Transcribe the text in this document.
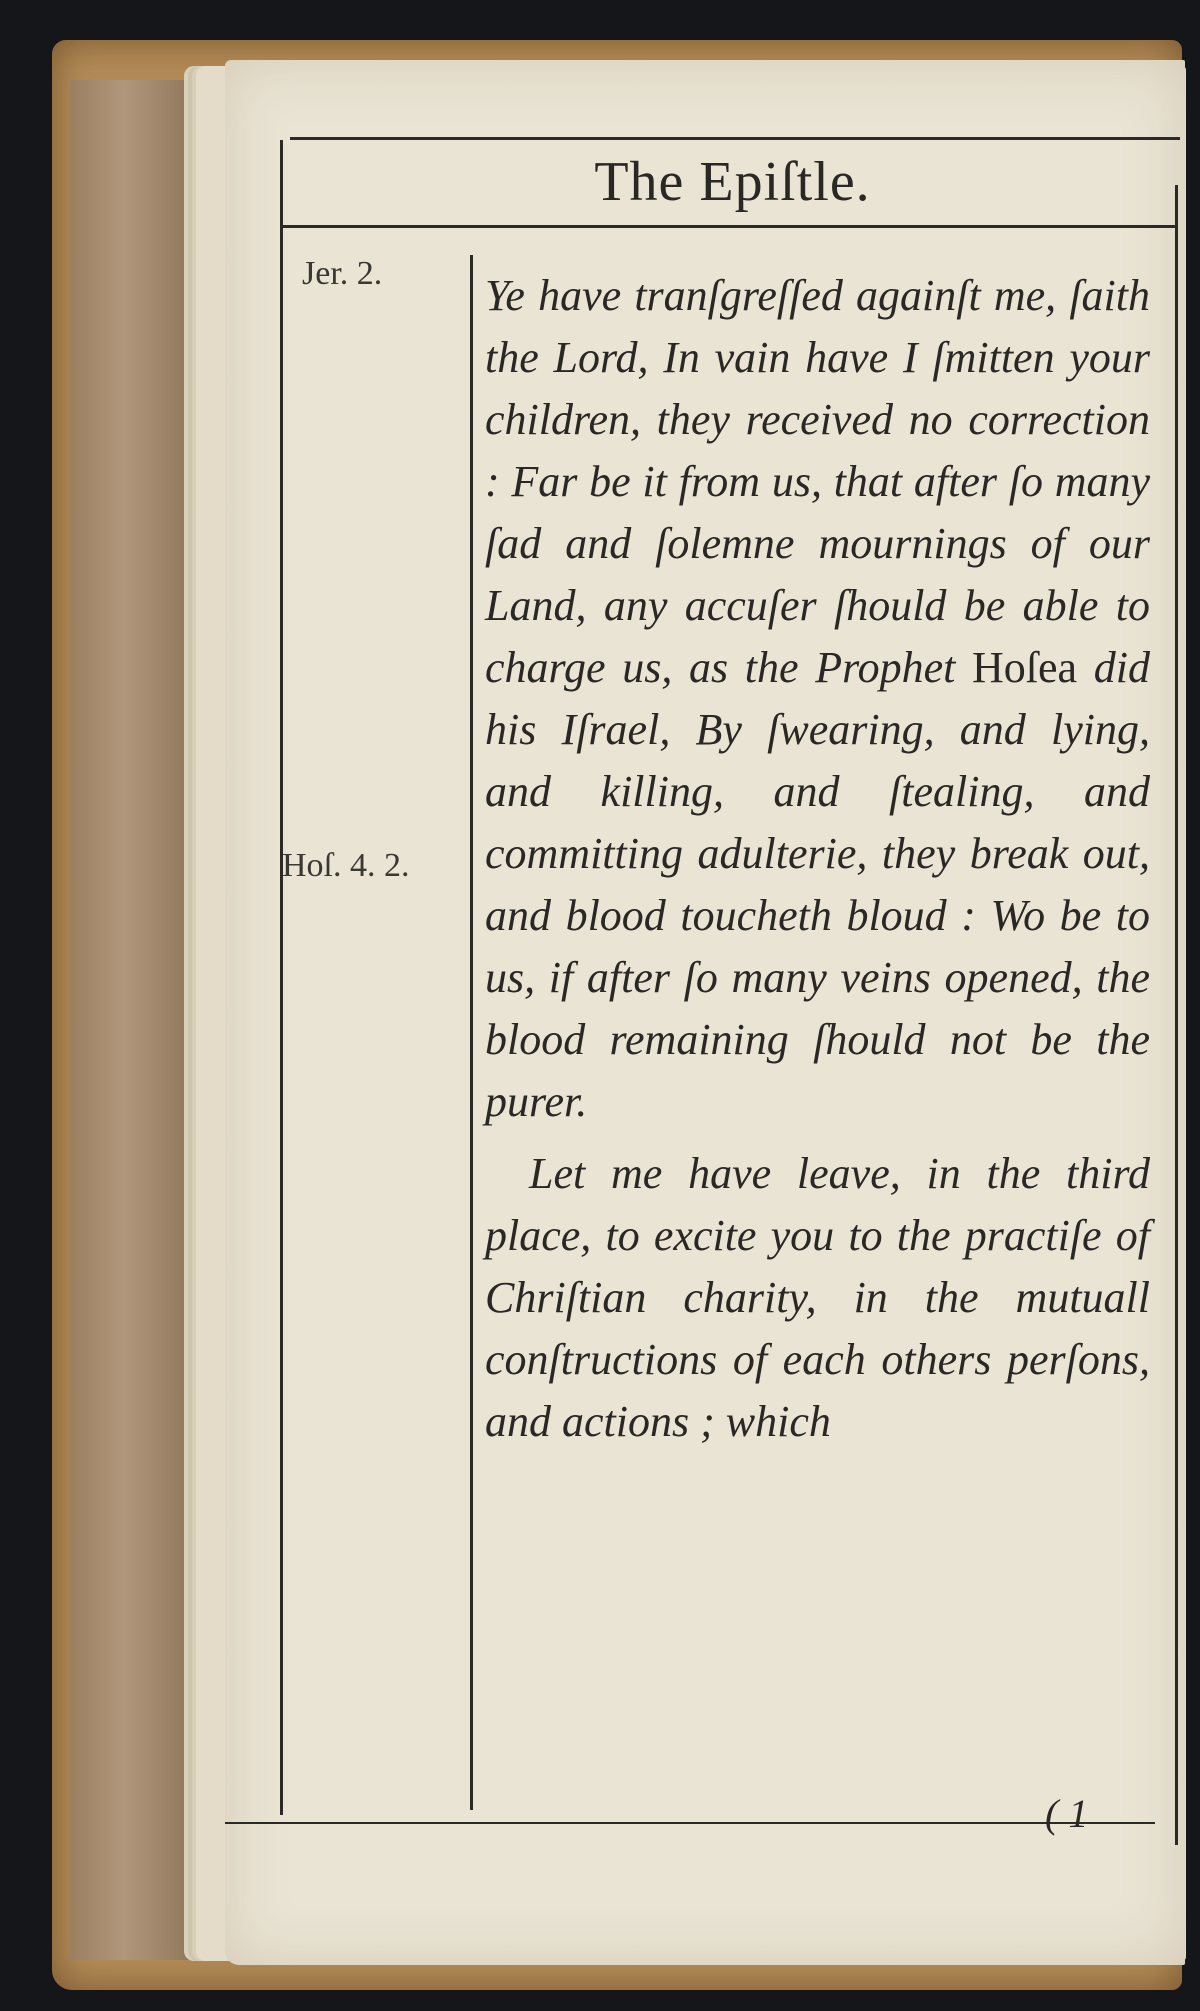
The Epiſtle.
Jer. 2.
Hoſ. 4. 2.

Ye have tranſgreſſed againſt me, ſaith the Lord, In vain have I ſmitten your children, they received no correction : Far be it from us, that after ſo many ſad and ſolemne mournings of our Land, any accuſer ſhould be able to charge us, as the Prophet Hoſea did his Iſrael, By ſwearing, and lying, and killing, and ſtealing, and committing adulterie, they break out, and blood toucheth bloud : Wo be to us, if after ſo many veins opened, the blood remaining ſhould not be the purer.

Let me have leave, in the third place, to excite you to the practiſe of Chriſtian charity, in the mutuall conſtructions of each others perſons, and actions ; which

( 1
